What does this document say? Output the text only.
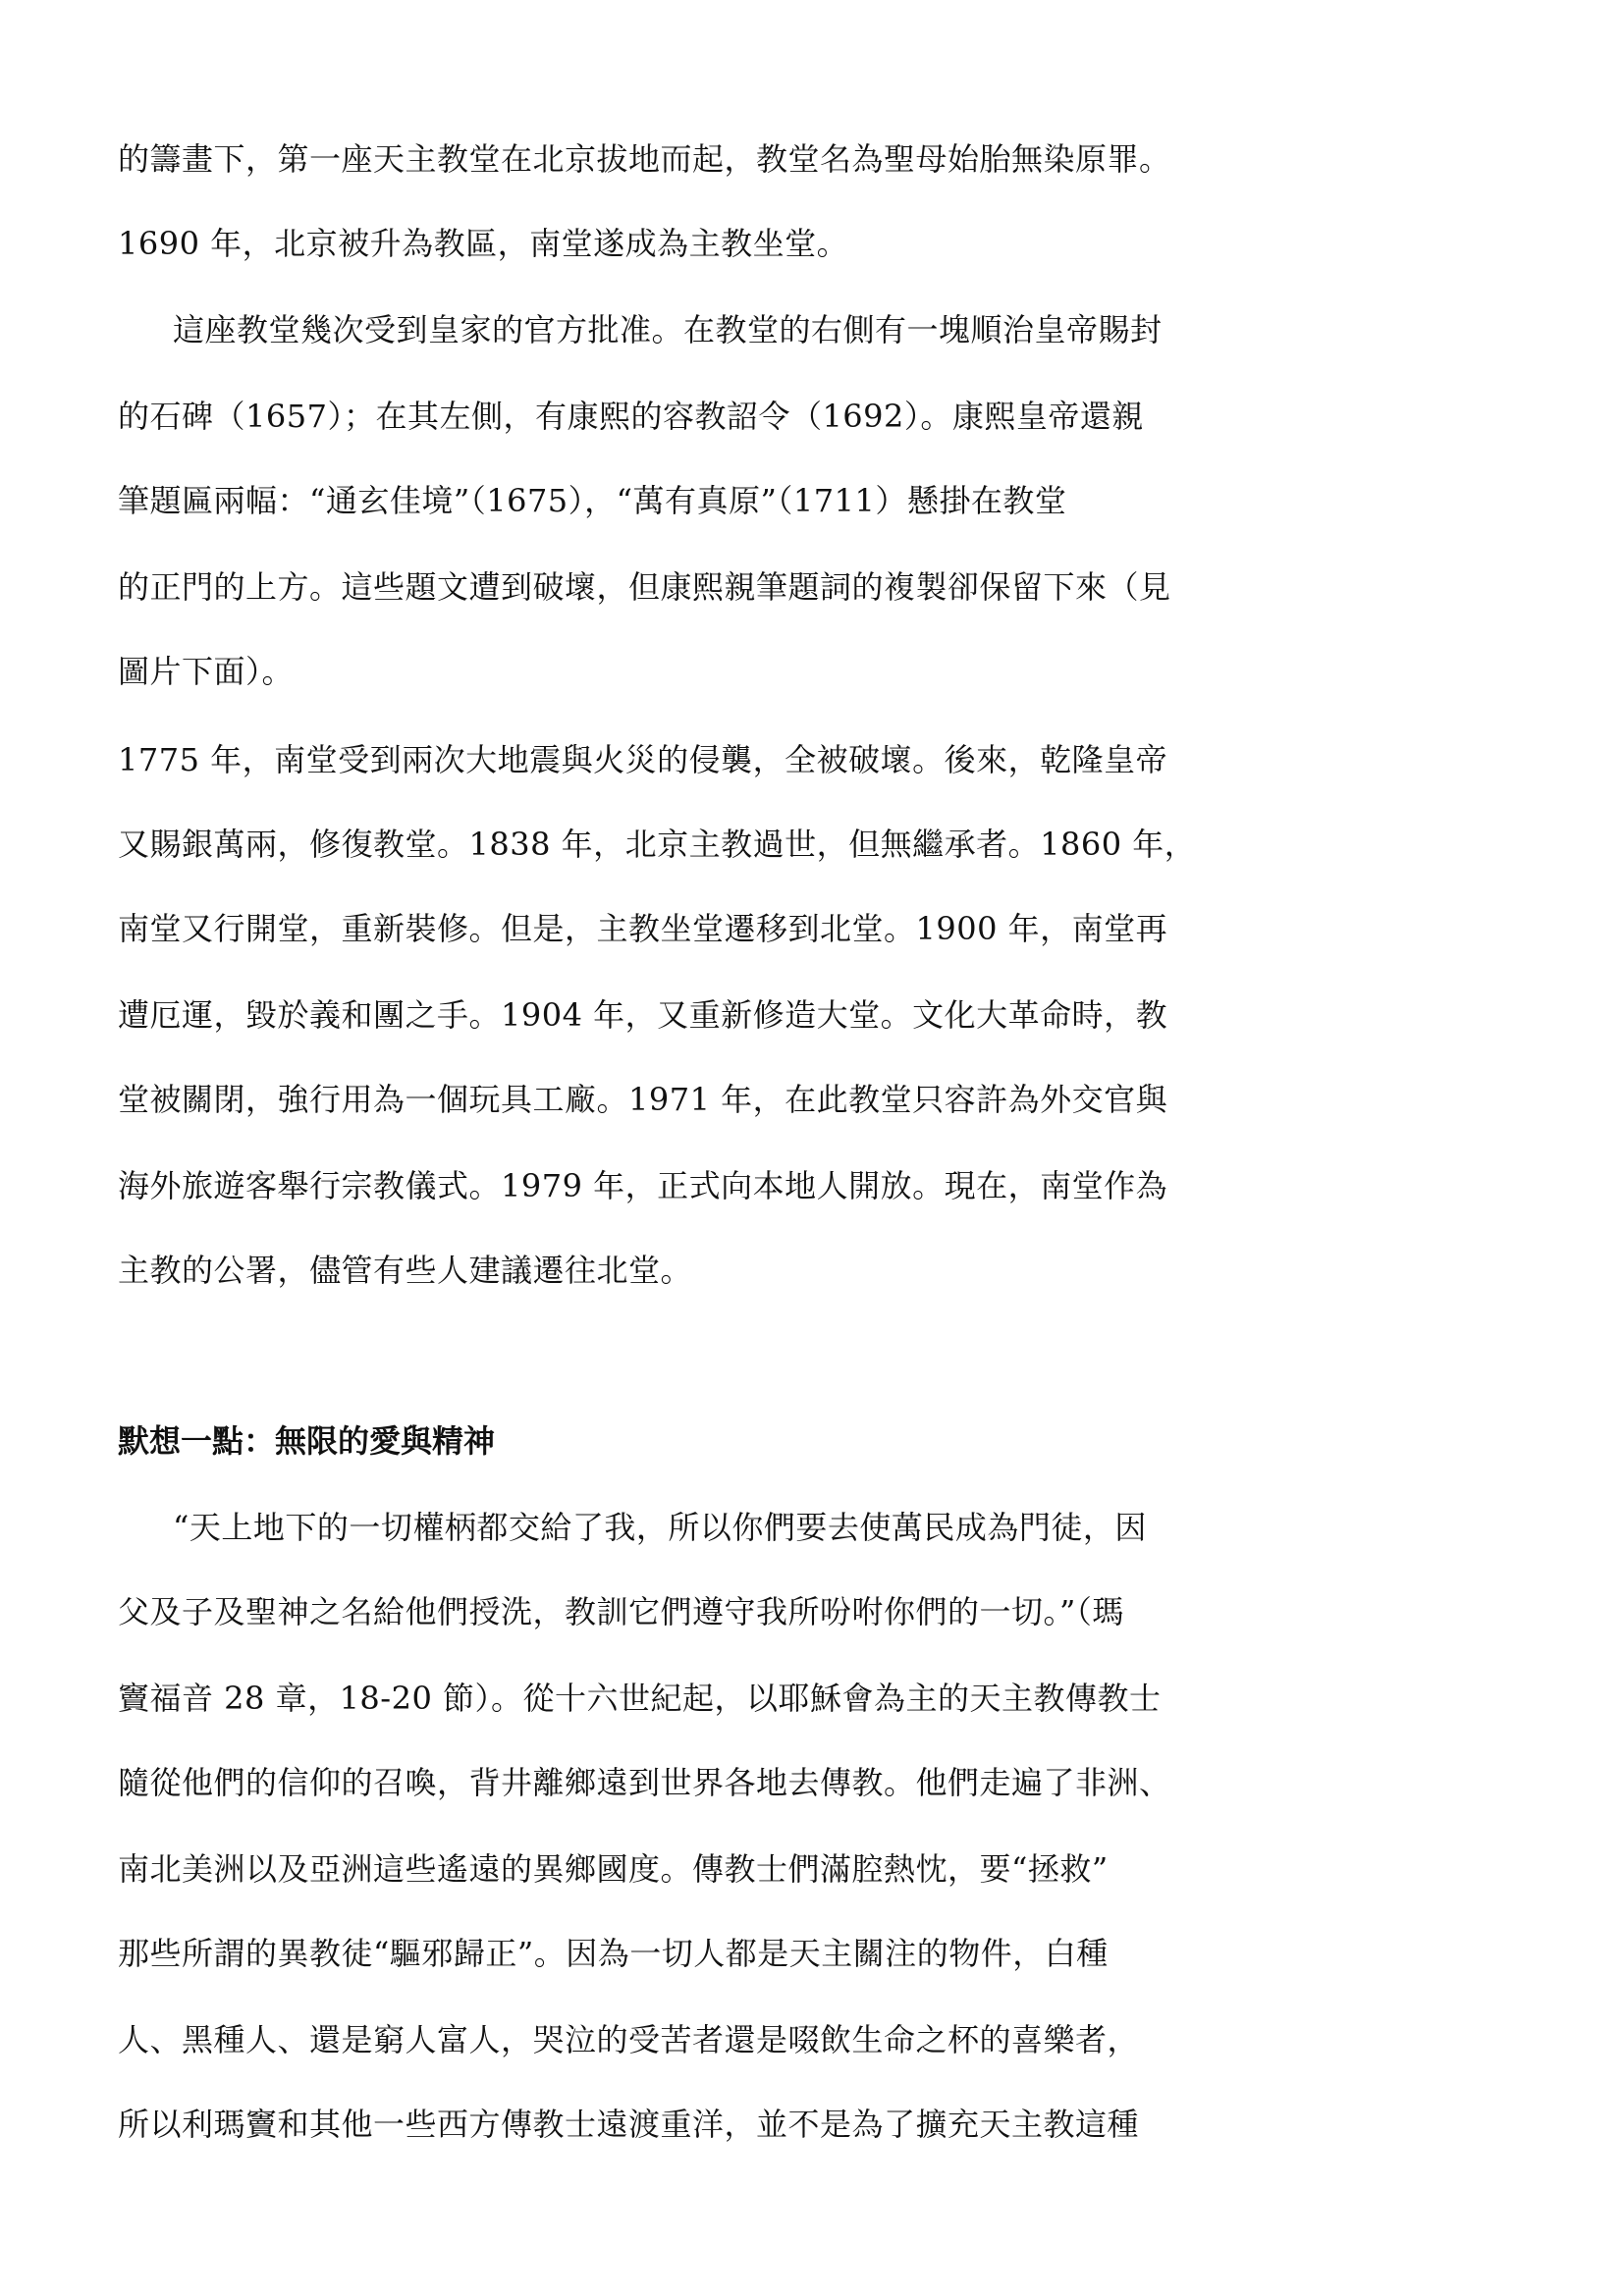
的籌畫下，第一座天主教堂在北京拔地而起，教堂名為聖母始胎無染原罪。
1690 年，北京被升為教區，南堂遂成為主教坐堂。
這座教堂幾次受到皇家的官方批准。在教堂的右側有一塊順治皇帝賜封
的石碑（1657）；在其左側，有康熙的容教詔令（1692）。康熙皇帝還親
筆題匾兩幅：“通玄佳境”（1675），“萬有真原”（1711）懸掛在教堂
的正門的上方。這些題文遭到破壞，但康熙親筆題詞的複製卻保留下來（見
圖片下面）。
1775 年，南堂受到兩次大地震與火災的侵襲，全被破壞。後來，乾隆皇帝
又賜銀萬兩，修復教堂。1838 年，北京主教過世，但無繼承者。1860 年，
南堂又行開堂，重新裝修。但是，主教坐堂遷移到北堂。1900 年，南堂再
遭厄運，毀於義和團之手。1904 年，又重新修造大堂。文化大革命時，教
堂被關閉，強行用為一個玩具工廠。1971 年，在此教堂只容許為外交官與
海外旅遊客舉行宗教儀式。1979 年，正式向本地人開放。現在，南堂作為
主教的公署，儘管有些人建議遷往北堂。
默想一點：無限的愛與精神
“天上地下的一切權柄都交給了我，所以你們要去使萬民成為門徒，因
父及子及聖神之名給他們授洗，教訓它們遵守我所吩咐你們的一切。”（瑪
竇福音 28 章，18-20 節）。從十六世紀起，以耶穌會為主的天主教傳教士
隨從他們的信仰的召喚，背井離鄉遠到世界各地去傳教。他們走遍了非洲、
南北美洲以及亞洲這些遙遠的異鄉國度。傳教士們滿腔熱忱，要“拯救”
那些所謂的異教徒“驅邪歸正”。因為一切人都是天主關注的物件，白種
人、黑種人、還是窮人富人，哭泣的受苦者還是啜飲生命之杯的喜樂者，
所以利瑪竇和其他一些西方傳教士遠渡重洋，並不是為了擴充天主教這種
